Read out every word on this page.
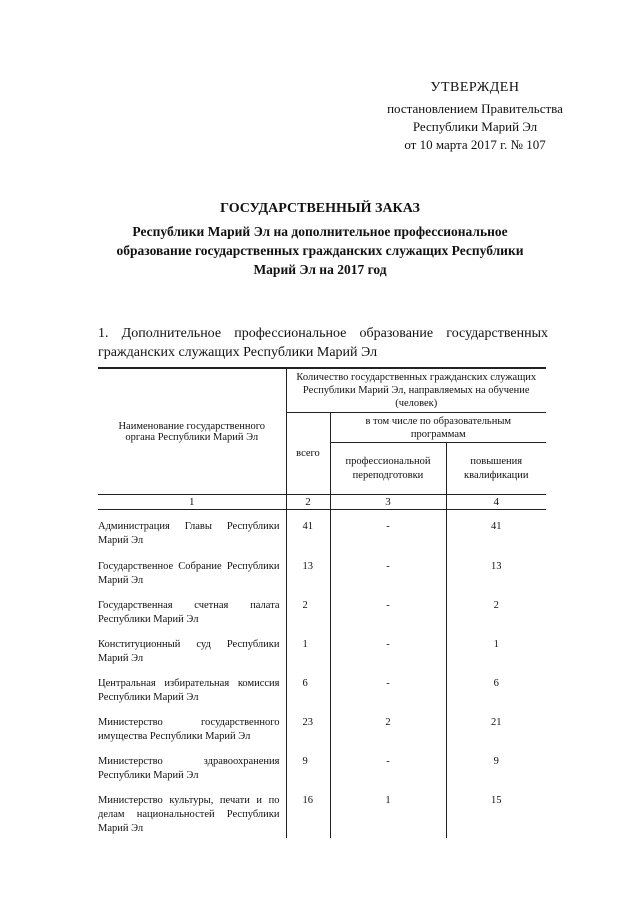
УТВЕРЖДЕН
постановлением Правительства
Республики Марий Эл
от 10 марта 2017 г. № 107
ГОСУДАРСТВЕННЫЙ ЗАКАЗ
Республики Марий Эл на дополнительное профессиональное
образование государственных гражданских служащих Республики
Марий Эл на 2017 год
1. Дополнительное профессиональное образование государственных гражданских служащих Республики Марий Эл
Наименование государственного органа Республики Марий Эл	Количество государственных гражданских служащих Республики Марий Эл, направляемых на обучение (человек)		
	всего	в том числе по образовательным программам	
		профессиональной переподготовки	повышения квалификации
1	2	3	4
Администрация Главы Республики Марий Эл	41	-	41
Государственное Собрание Республики Марий Эл	13	-	13
Государственная счетная палата Республики Марий Эл	2	-	2
Конституционный суд Республики Марий Эл	1	-	1
Центральная избирательная комиссия Республики Марий Эл	6	-	6
Министерство государственного имущества Республики Марий Эл	23	2	21
Министерство здравоохранения Республики Марий Эл	9	-	9
Министерство культуры, печати и по делам национальностей Республики Марий Эл	16	1	15
